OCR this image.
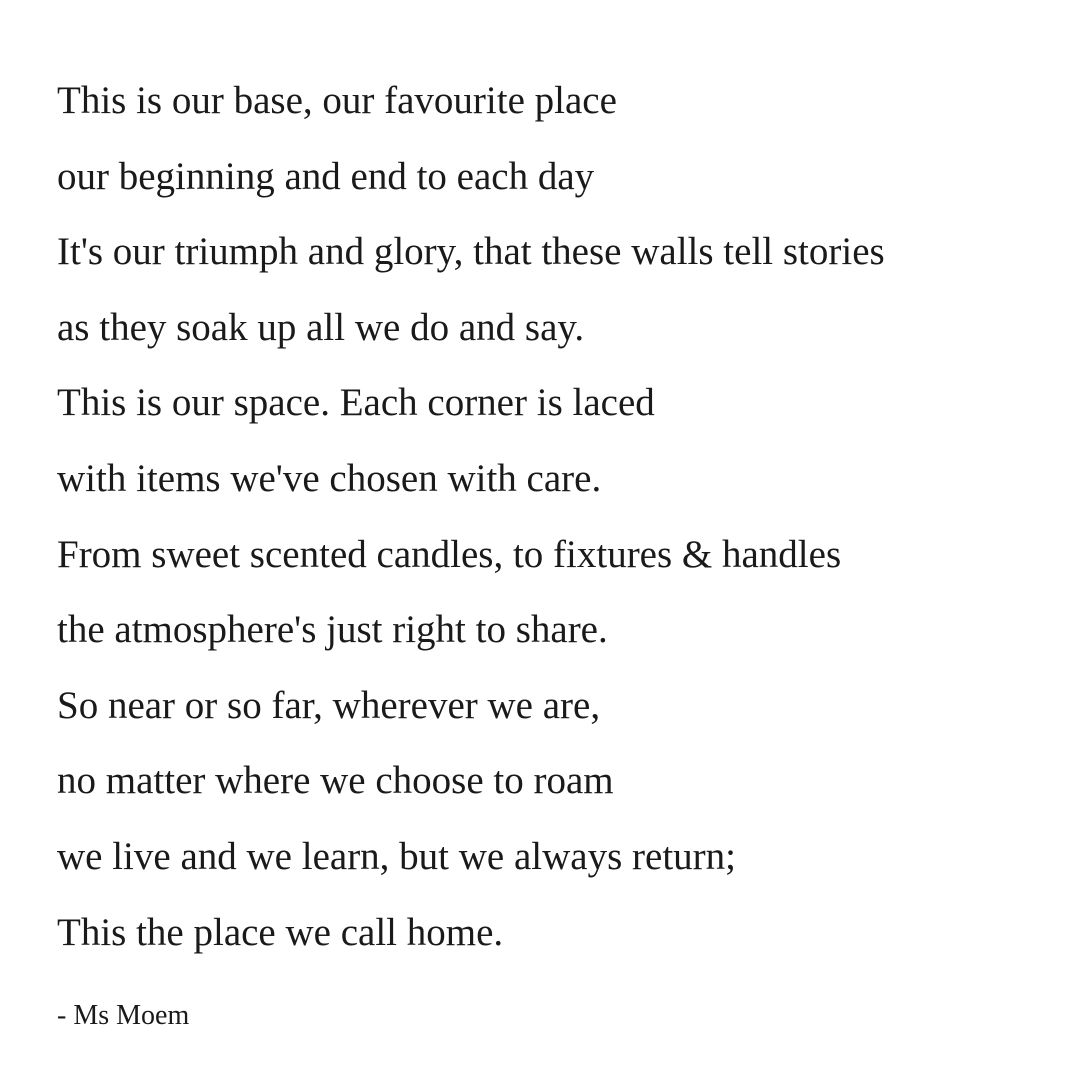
This is our base, our favourite place
our beginning and end to each day
It's our triumph and glory, that these walls tell stories
as they soak up all we do and say.
This is our space. Each corner is laced
with items we've chosen with care.
From sweet scented candles, to fixtures & handles
the atmosphere's just right to share.
So near or so far, wherever we are,
no matter where we choose to roam
we live and we learn, but we always return;
This the place we call home.
- Ms Moem
